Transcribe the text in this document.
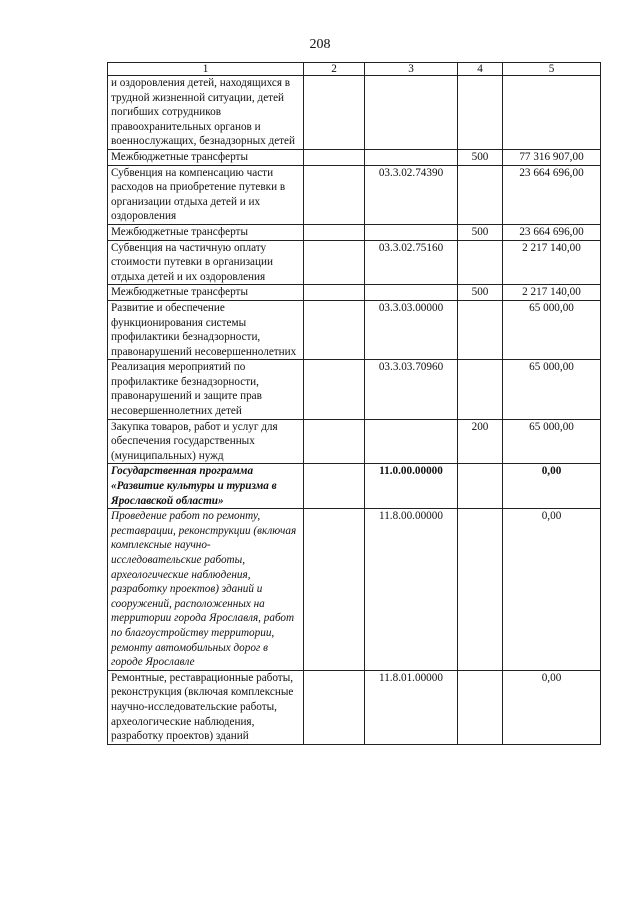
208
1	2	3	4	5
и оздоровления детей, находящихся в трудной жизненной ситуации, детей погибших сотрудников правоохранительных органов и военнослужащих, безнадзорных детей				
Межбюджетные трансферты			500	77 316 907,00
Субвенция на компенсацию части расходов на приобретение путевки в организации отдыха детей и их оздоровления		03.3.02.74390		23 664 696,00
Межбюджетные трансферты			500	23 664 696,00
Субвенция на частичную оплату стоимости путевки в организации отдыха детей и их оздоровления		03.3.02.75160		2 217 140,00
Межбюджетные трансферты			500	2 217 140,00
Развитие и обеспечение функционирования системы профилактики безнадзорности, правонарушений несовершеннолетних		03.3.03.00000		65 000,00
Реализация мероприятий по профилактике безнадзорности, правонарушений и защите прав несовершеннолетних детей		03.3.03.70960		65 000,00
Закупка товаров, работ и услуг для обеспечения государственных (муниципальных) нужд			200	65 000,00
Государственная программа «Развитие культуры и туризма в Ярославской области»		11.0.00.00000		0,00
Проведение работ по ремонту, реставрации, реконструкции (включая комплексные научно-исследовательские работы, археологические наблюдения, разработку проектов) зданий и сооружений, расположенных на территории города Ярославля, работ по благоустройству территории, ремонту автомобильных дорог в городе Ярославле		11.8.00.00000		0,00
Ремонтные, реставрационные работы, реконструкция (включая комплексные научно-исследовательские работы, археологические наблюдения, разработку проектов) зданий		11.8.01.00000		0,00
